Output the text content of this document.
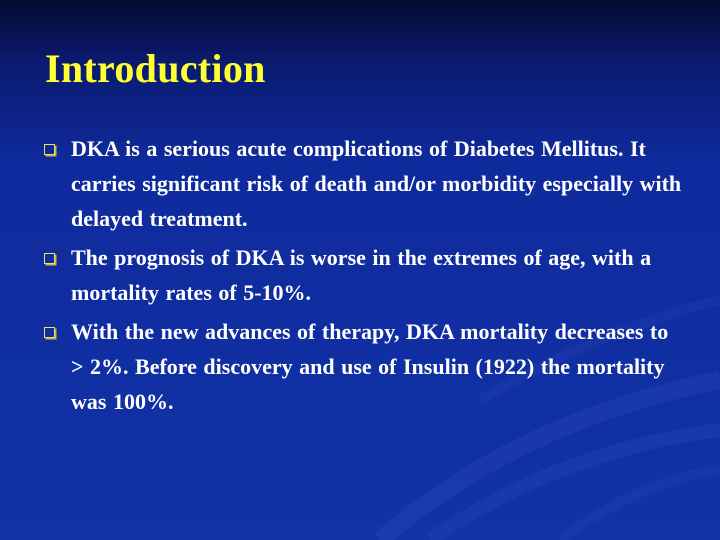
Introduction
DKA is a serious acute complications of Diabetes Mellitus. It carries significant risk of death and/or morbidity especially with delayed treatment.
The prognosis of DKA is worse in the extremes of age, with a mortality rates of 5-10%.
With the new advances of therapy, DKA mortality decreases to > 2%. Before discovery and use of Insulin (1922) the mortality was 100%.
